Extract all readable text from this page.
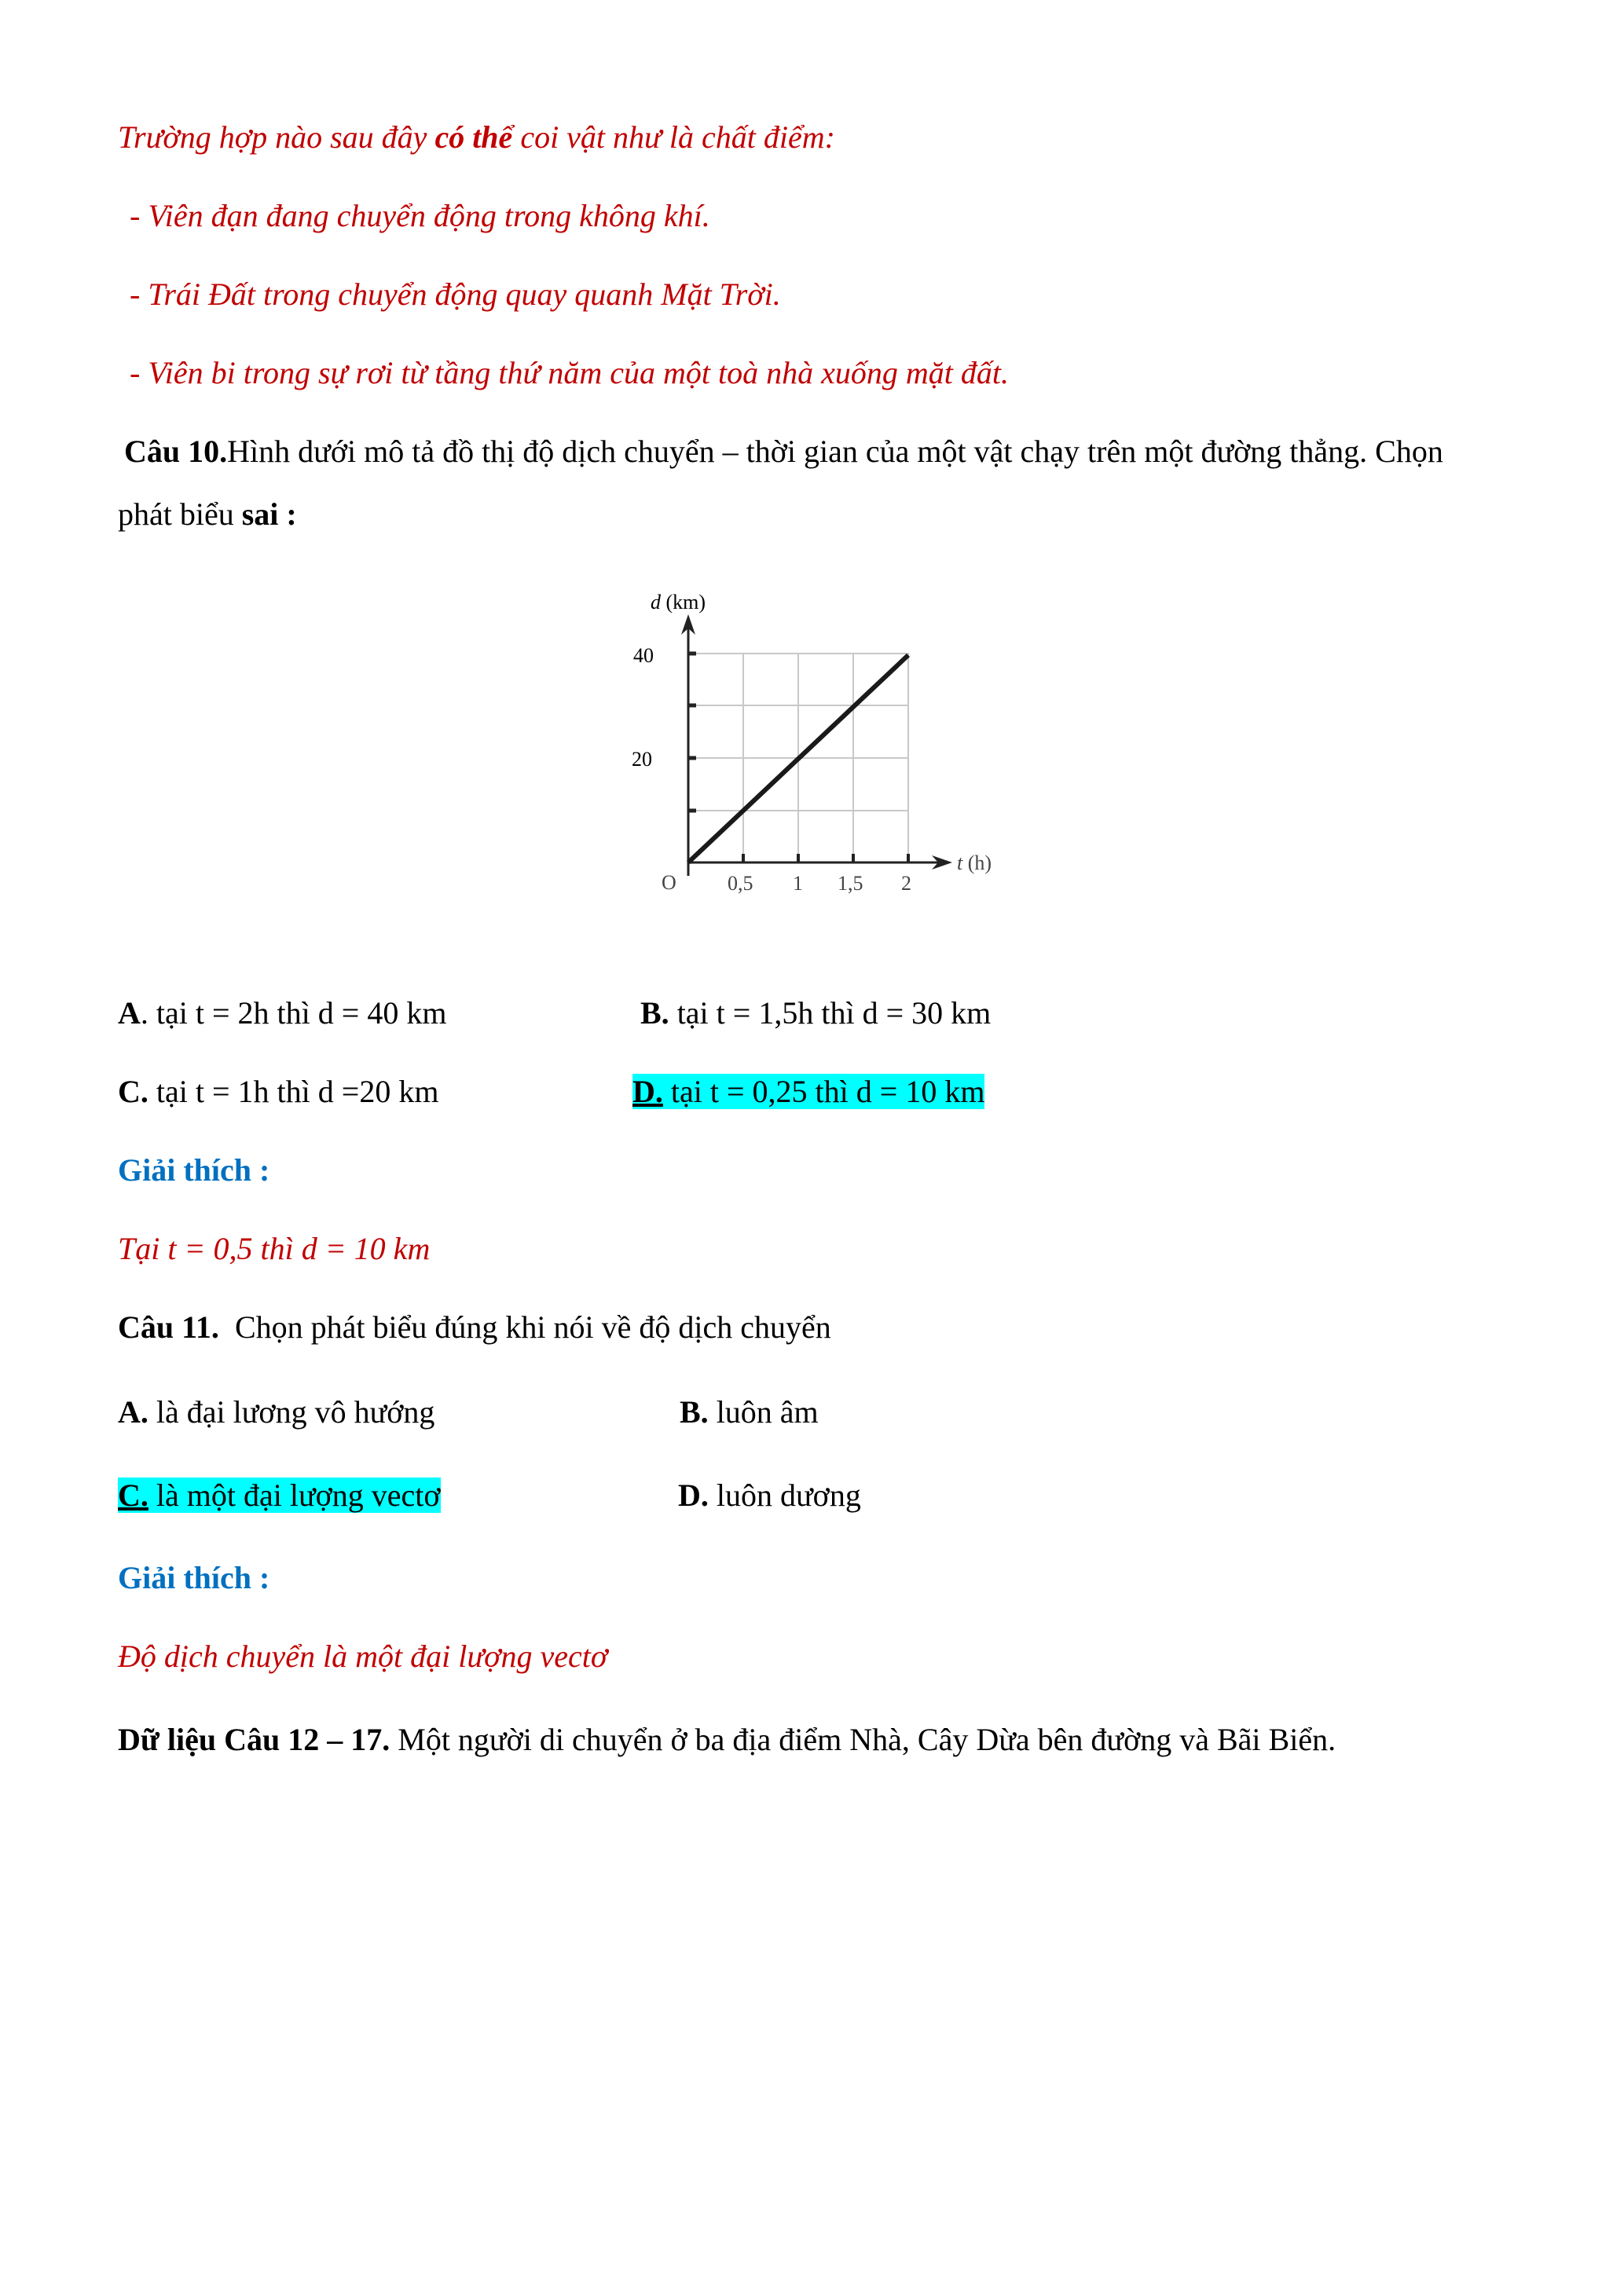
Trường hợp nào sau đây có thể coi vật như là chất điểm:
- Viên đạn đang chuyển động trong không khí.
- Trái Đất trong chuyển động quay quanh Mặt Trời.
- Viên bi trong sự rơi từ tầng thứ năm của một toà nhà xuống mặt đất.
Câu 10.Hình dưới mô tả đồ thị độ dịch chuyển – thời gian của một vật chạy trên một đường thẳng. Chọn
phát biểu sai :
d (km)
40
20
O	0,5 1 1,5 2
t (h)
A. tại t = 2h thì d = 40 km	B. tại t = 1,5h thì d = 30 km
C. tại t = 1h thì d =20 km	D. tại t = 0,25 thì d = 10 km
Giải thích :
Tại t = 0,5 thì d = 10 km
Câu 11.  Chọn phát biểu đúng khi nói về độ dịch chuyển
A. là đại lương vô hướng	B. luôn âm
C. là một đại lượng vectơ	D. luôn dương
Giải thích :
Độ dịch chuyển là một đại lượng vectơ
Dữ liệu Câu 12 – 17. Một người di chuyển ở ba địa điểm Nhà, Cây Dừa bên đường và Bãi Biển.
